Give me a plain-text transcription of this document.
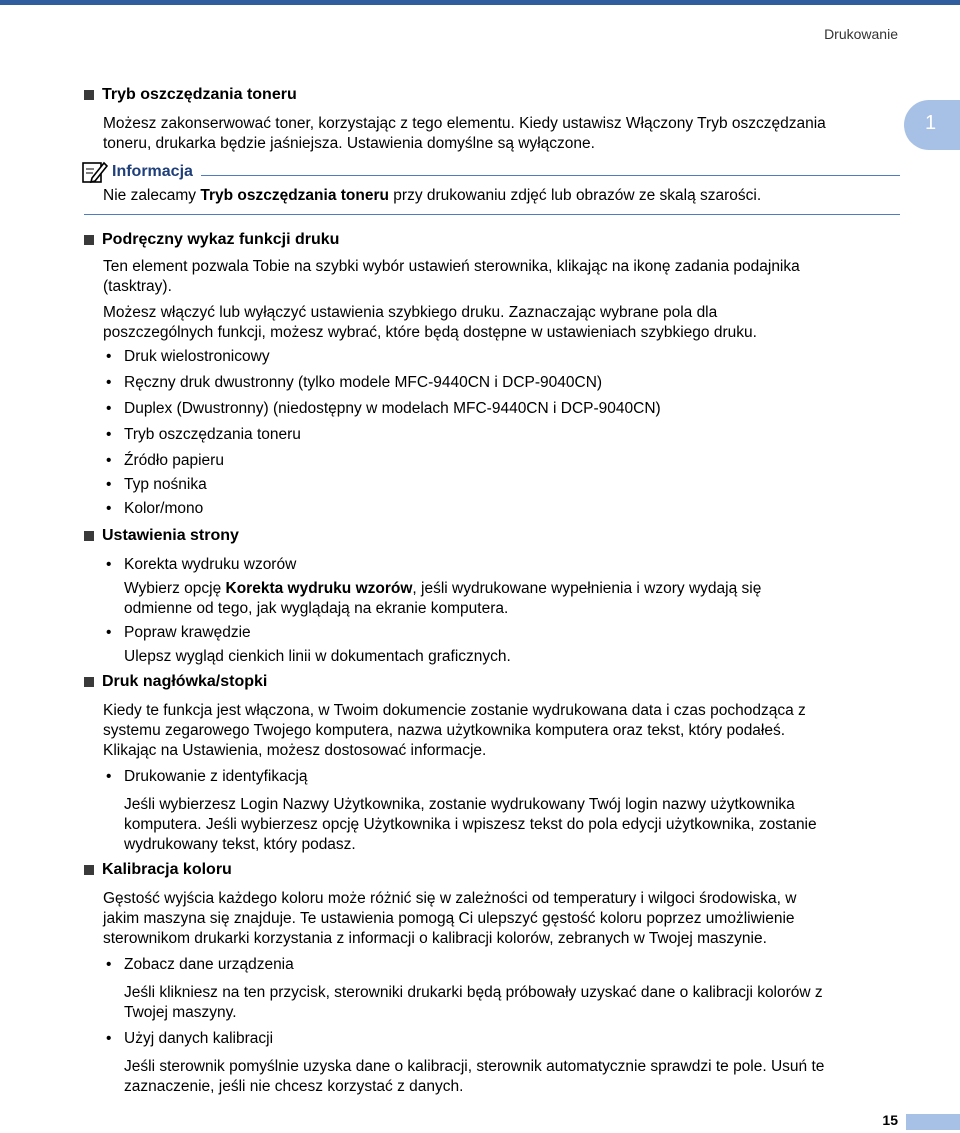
Drukowanie
1
Tryb oszczędzania toneru

Możesz zakonserwować toner, korzystając z tego elementu. Kiedy ustawisz Włączony Tryb oszczędzania

toneru, drukarka będzie jaśniejsza. Ustawienia domyślne są wyłączone.

Informacja

Nie zalecamy Tryb oszczędzania toneru przy drukowaniu zdjęć lub obrazów ze skalą szarości.

Podręczny wykaz funkcji druku

Ten element pozwala Tobie na szybki wybór ustawień sterownika, klikając na ikonę zadania podajnika

(tasktray).

Możesz włączyć lub wyłączyć ustawienia szybkiego druku. Zaznaczając wybrane pola dla

poszczególnych funkcji, możesz wybrać, które będą dostępne w ustawieniach szybkiego druku.

• Druk wielostronicowy
• Ręczny druk dwustronny (tylko modele MFC-9440CN i DCP-9040CN)
• Duplex (Dwustronny) (niedostępny w modelach MFC-9440CN i DCP-9040CN)
• Tryb oszczędzania toneru
• Źródło papieru
• Typ nośnika
• Kolor/mono
Ustawienia strony
• Korekta wydruku wzorów

Wybierz opcję Korekta wydruku wzorów, jeśli wydrukowane wypełnienia i wzory wydają się

odmienne od tego, jak wyglądają na ekranie komputera.

• Popraw krawędzie

Ulepsz wygląd cienkich linii w dokumentach graficznych.

Druk nagłówka/stopki

Kiedy te funkcja jest włączona, w Twoim dokumencie zostanie wydrukowana data i czas pochodząca z

systemu zegarowego Twojego komputera, nazwa użytkownika komputera oraz tekst, który podałeś.

Klikając na Ustawienia, możesz dostosować informacje.

• Drukowanie z identyfikacją

Jeśli wybierzesz Login Nazwy Użytkownika, zostanie wydrukowany Twój login nazwy użytkownika

komputera. Jeśli wybierzesz opcję Użytkownika i wpiszesz tekst do pola edycji użytkownika, zostanie

wydrukowany tekst, który podasz.

Kalibracja koloru

Gęstość wyjścia każdego koloru może różnić się w zależności od temperatury i wilgoci środowiska, w

jakim maszyna się znajduje. Te ustawienia pomogą Ci ulepszyć gęstość koloru poprzez umożliwienie

sterownikom drukarki korzystania z informacji o kalibracji kolorów, zebranych w Twojej maszynie.

• Zobacz dane urządzenia

Jeśli klikniesz na ten przycisk, sterowniki drukarki będą próbowały uzyskać dane o kalibracji kolorów z

Twojej maszyny.

• Użyj danych kalibracji

Jeśli sterownik pomyślnie uzyska dane o kalibracji, sterownik automatycznie sprawdzi te pole. Usuń te

zaznaczenie, jeśli nie chcesz korzystać z danych.

15
